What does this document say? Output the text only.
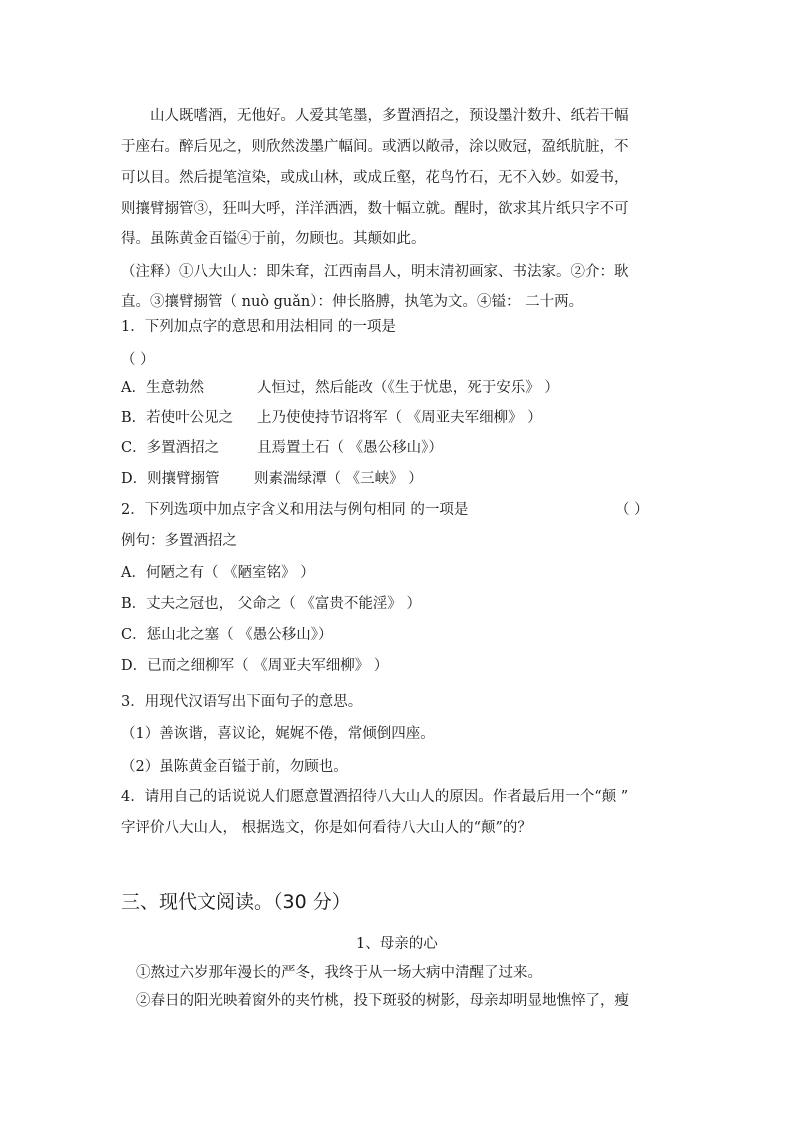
山人既嗜酒，无他好。人爱其笔墨，多置酒招之，预设墨汁数升、纸若干幅
于座右。醉后见之，则欣然泼墨广幅间。或洒以敞帚，涂以败冠，盈纸肮脏，不
可以目。然后提笔渲染，或成山林，或成丘壑，花鸟竹石，无不入妙。如爱书，
则攘臂搦管③，狂叫大呼，洋洋洒洒，数十幅立就。醒时，欲求其片纸只字不可
得。虽陈黄金百镒④于前，勿顾也。其颠如此。
（注释）①八大山人：即朱耷，江西南昌人，明末清初画家、书法家。②介：耿
直。③攘臂搦管（ nuò guǎn）：伸长胳膊，执笔为文。④镒： 二十两。
1．下列加点字的意思和用法相同 的一项是
（ ）
A．生意勃然	人恒过，然后能改（《生于忧患，死于安乐》 ）
B．若使叶公见之 上乃使使持节诏将军（ 《周亚夫军细柳》 ）
C．多置酒招之	且焉置土石（ 《愚公移山》）
D．则攘臂搦管 则素湍绿潭（ 《三峡》 ）
2．下列选项中加点字含义和用法与例句相同 的一项是	（ ）
例句：多置酒招之
A．何陋之有（ 《陋室铭》 ）
B．丈夫之冠也， 父命之（ 《富贵不能淫》 ）
C．惩山北之塞（ 《愚公移山》）
D．已而之细柳军（ 《周亚夫军细柳》 ）
3．用现代汉语写出下面句子的意思。
（1）善诙谐，喜议论，娓娓不倦，常倾倒四座。
（2）虽陈黄金百镒于前，勿顾也。
4．请用自己的话说说人们愿意置酒招待八大山人的原因。作者最后用一个“颠 ”
字评价八大山人， 根据选文，你是如何看待八大山人的“颠”的？
三、现代文阅读。（30 分）
1、母亲的心
①熬过六岁那年漫长的严冬，我终于从一场大病中清醒了过来。
②春日的阳光映着窗外的夹竹桃，投下斑驳的树影，母亲却明显地憔悴了，瘦
